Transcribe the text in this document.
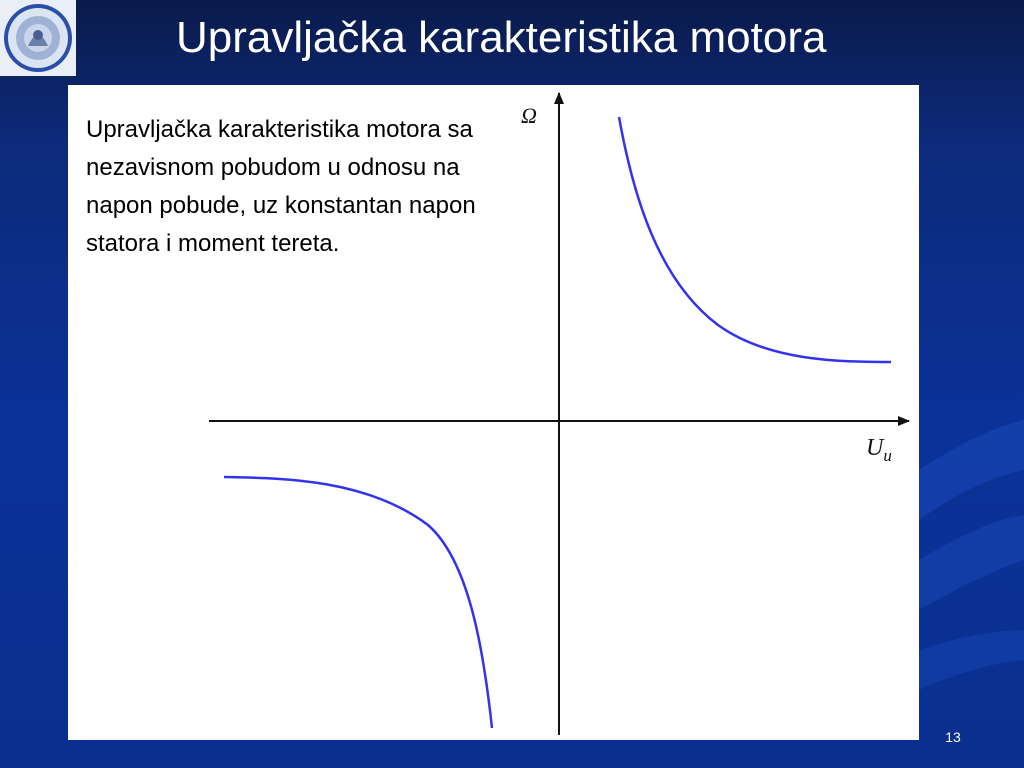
Upravljačka karakteristika motora

Upravljačka karakteristika motora sa nezavisnom pobudom u odnosu na napon pobude, uz konstantan napon statora i moment tereta.

Ω
$U_u$
13
